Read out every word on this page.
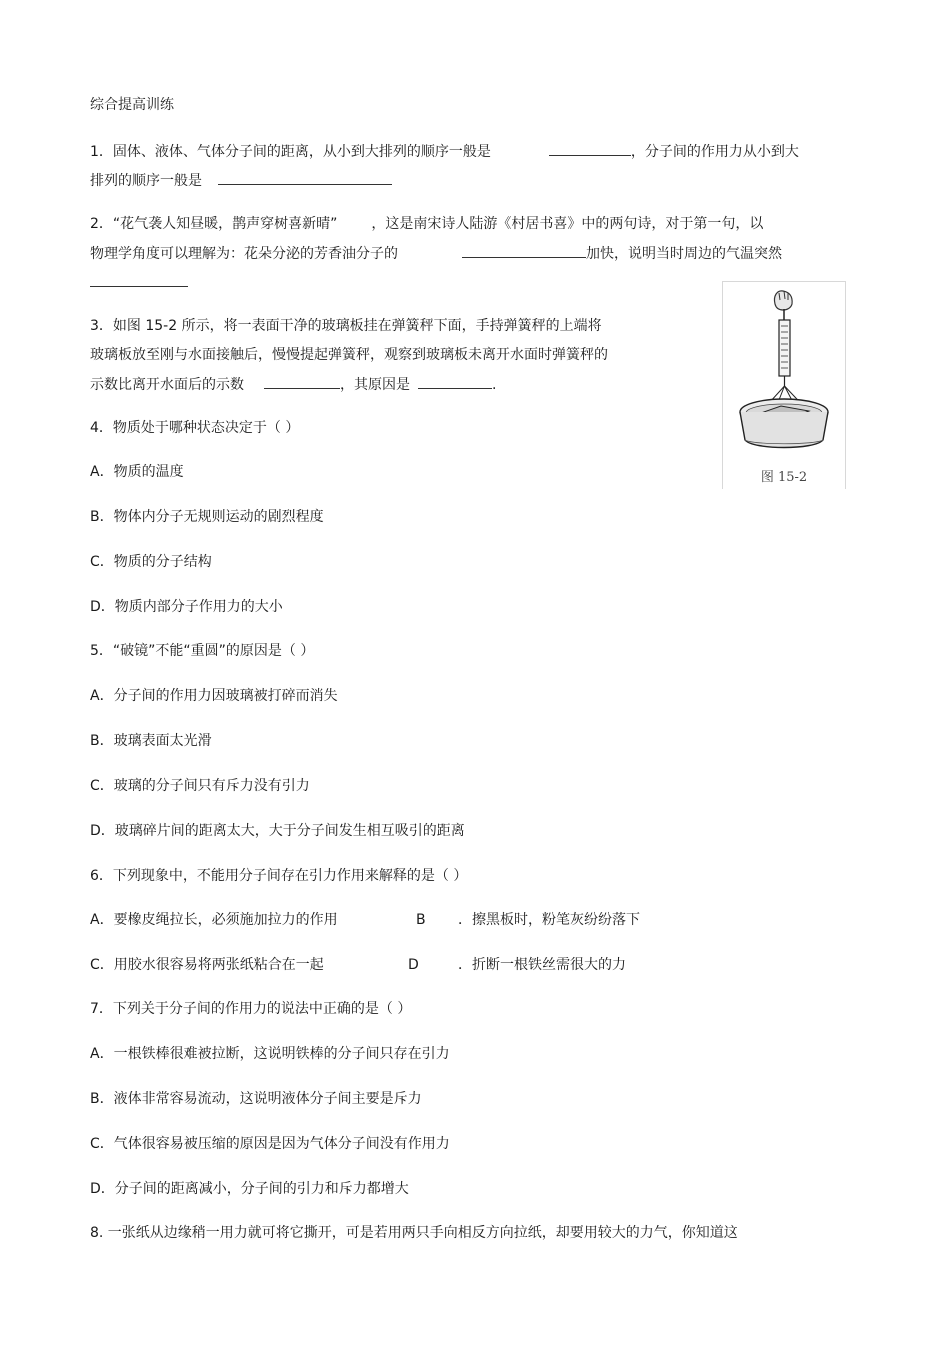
综合提高训练
1．固体、液体、气体分子间的距离，从小到大排列的顺序一般是	，分子间的作用力从小到大
排列的顺序一般是
2．“花气袭人知昼暖，鹊声穿树喜新晴” ，这是南宋诗人陆游《村居书喜》中的两句诗，对于第一句，以
物理学角度可以理解为：花朵分泌的芳香油分子的	加快，说明当时周边的气温突然
3．如图 15-2 所示，将一表面干净的玻璃板挂在弹簧秤下面，手持弹簧秤的上端将
玻璃板放至刚与水面接触后，慢慢提起弹簧秤，观察到玻璃板未离开水面时弹簧秤的
示数比离开水面后的示数	，其原因是	.
图 15-2
4．物质处于哪种状态决定于（ ）
A．物质的温度
B．物体内分子无规则运动的剧烈程度
C．物质的分子结构
D．物质内部分子作用力的大小
5．“破镜”不能“重圆”的原因是（ ）
A．分子间的作用力因玻璃被打碎而消失
B．玻璃表面太光滑
C．玻璃的分子间只有斥力没有引力
D．玻璃碎片间的距离太大，大于分子间发生相互吸引的距离
6．下列现象中，不能用分子间存在引力作用来解释的是（ ）
A．要橡皮绳拉长，必须施加拉力的作用	B ．擦黑板时，粉笔灰纷纷落下
C．用胶水很容易将两张纸粘合在一起	D	．折断一根铁丝需很大的力
7．下列关于分子间的作用力的说法中正确的是（ ）
A．一根铁棒很难被拉断，这说明铁棒的分子间只存在引力
B．液体非常容易流动，这说明液体分子间主要是斥力
C．气体很容易被压缩的原因是因为气体分子间没有作用力
D．分子间的距离减小，分子间的引力和斥力都增大
8. 一张纸从边缘稍一用力就可将它撕开，可是若用两只手向相反方向拉纸，却要用较大的力气，你知道这
